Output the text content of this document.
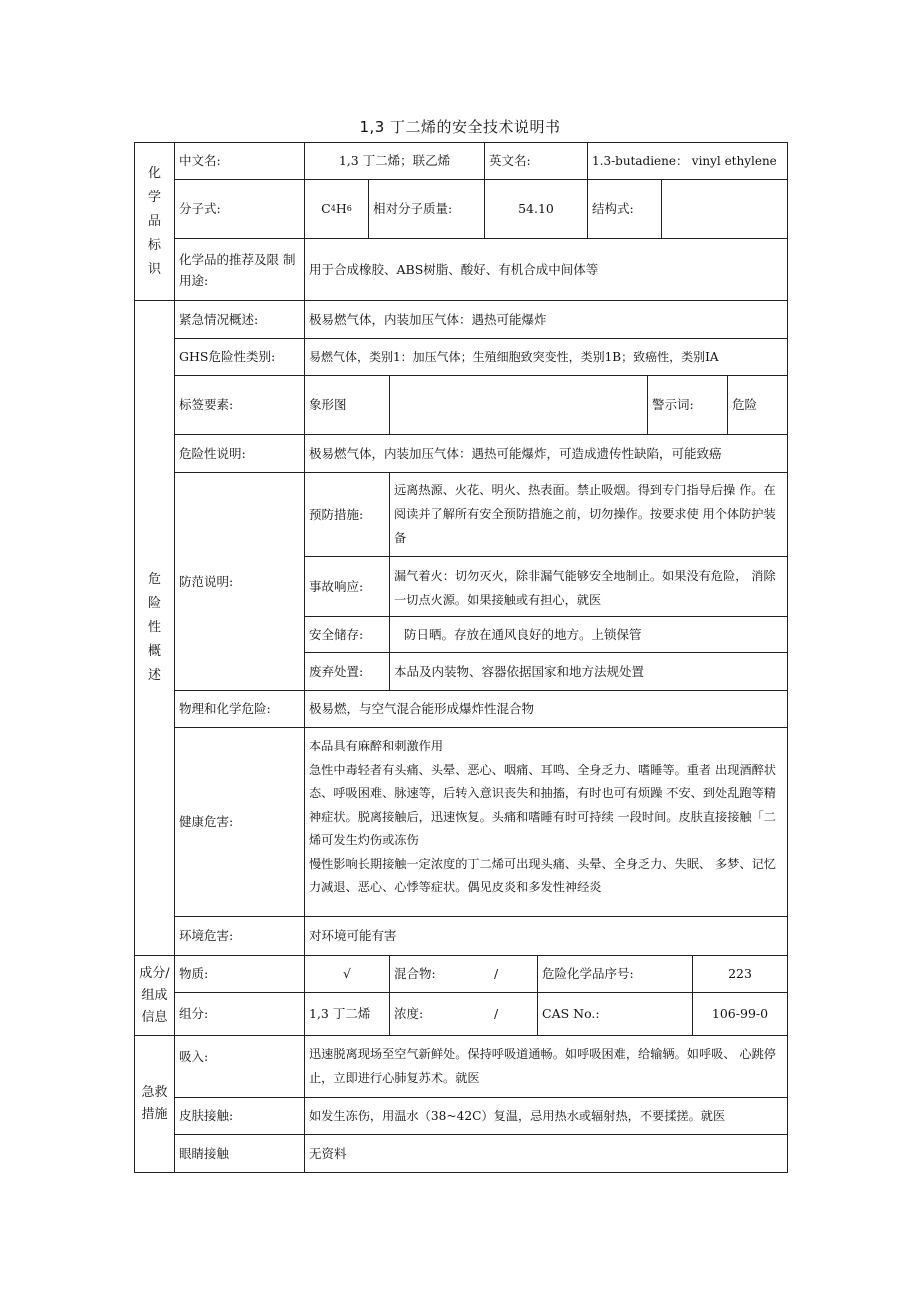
1,3 丁二烯的安全技术说明书
化学品标识
中文名:	1,3 丁二烯；联乙烯	英文名:	1.3-butadiene： vinyl ethylene
分子式:	C 4 H 6	相对分子质量:	54.10	结构式:
化学品的推荐及限 制用途:
用于合成橡胶、ABS树脂、酸好、有机合成中间体等
危险性概述
紧急情况概述:	极易燃气体，内装加压气体：遇热可能爆炸
GHS危险性类别:	易燃气体，类别1：加压气体；生殖细胞致突变性，类别1B；致癌性，类别IA
标签要素:	象形图	警示词:	危险
危险性说明:	极易燃气体，内装加压气体：遇热可能爆炸，可造成遗传性缺陷，可能致癌
防范说明:
预防措施:

远离热源、火花、明火、热表面。禁止吸烟。得到专门指导后操 作。在阅读并了解所有安全预防措施之前，切勿操作。按要求使 用个体防护装备

事故响应:

漏气着火：切勿灭火，除非漏气能够安全地制止。如果没有危险， 消除一切点火源。如果接触或有担心，就医

安全储存:	防日晒。存放在通风良好的地方。上锁保管
废弃处置:	本品及内装物、容器依据国家和地方法规处置
物理和化学危险:	极易燃，与空气混合能形成爆炸性混合物
健康危害:

本品具有麻醉和刺激作用

急性中毒轻者有头痛、头晕、恶心、咽痛、耳鸣、全身乏力、嗜睡等。重者 出现酒醉状态、呼吸困难、脉速等，后转入意识丧失和抽搐，有时也可有烦躁 不安、到处乱跑等精神症状。脱离接触后，迅速恢复。头痛和嗜睡有时可持续 一段时间。皮肤直接接触「二烯可发生灼伤或冻伤

慢性影响长期接触一定浓度的丁二烯可出现头痛、头晕、全身乏力、失眠、 多梦、记忆力减退、恶心、心悸等症状。偶见皮炎和多发性神经炎

环境危害:	对环境可能有害
成分/组成信息
物质:	√	混合物:	/	危险化学品序号:	223
组分:	1,3 丁二烯	浓度:	/	CAS No.:	106-99-0
急救措施
吸入:	迅速脱离现场至空气新鲜处。保持呼吸道通畅。如呼吸困难，给输辆。如呼吸、 心跳停止，立即进行心肺复苏术。就医

皮肤接触:	如发生冻伤，用温水（38~42C）复温，忌用热水或辐射热，不要揉搓。就医
眼睛接触	无资料
